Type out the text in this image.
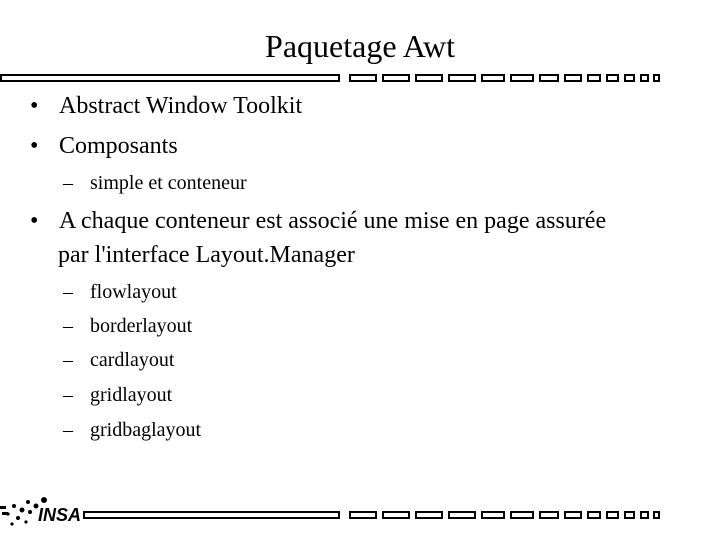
Paquetage Awt
• Abstract Window Toolkit
• Composants
– simple et conteneur
• A chaque conteneur est associé une mise en page assurée
par l'interface Layout.Manager
– flowlayout
– borderlayout
– cardlayout
– gridlayout
– gridbaglayout
INSA
